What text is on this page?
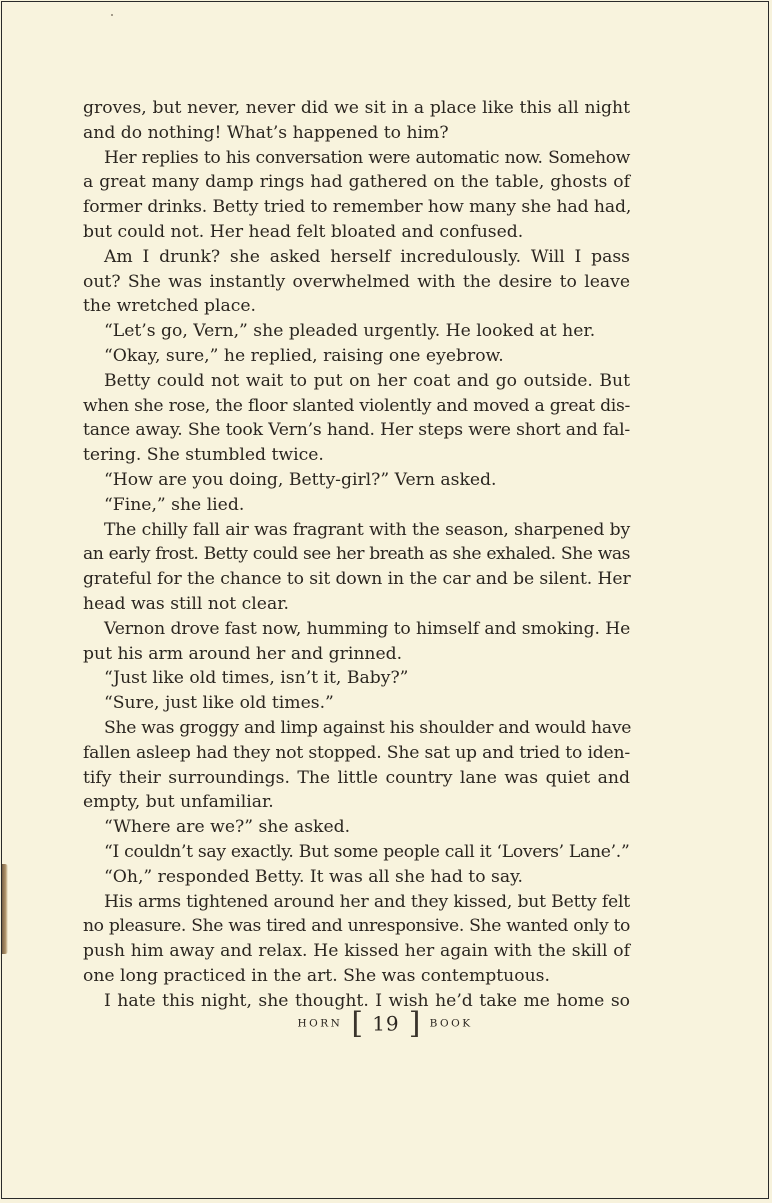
groves, but never, never did we sit in a place like this all night
and do nothing! What’s happened to him?
Her replies to his conversation were automatic now. Somehow
a great many damp rings had gathered on the table, ghosts of
former drinks. Betty tried to remember how many she had had,
but could not. Her head felt bloated and confused.
Am I drunk? she asked herself incredulously. Will I pass
out? She was instantly overwhelmed with the desire to leave
the wretched place.
“Let’s go, Vern,” she pleaded urgently. He looked at her.
“Okay, sure,” he replied, raising one eyebrow.
Betty could not wait to put on her coat and go outside. But
when she rose, the floor slanted violently and moved a great dis-
tance away. She took Vern’s hand. Her steps were short and fal-
tering. She stumbled twice.
“How are you doing, Betty-girl?” Vern asked.
“Fine,” she lied.
The chilly fall air was fragrant with the season, sharpened by
an early frost. Betty could see her breath as she exhaled. She was
grateful for the chance to sit down in the car and be silent. Her
head was still not clear.
Vernon drove fast now, humming to himself and smoking. He
put his arm around her and grinned.
“Just like old times, isn’t it, Baby?”
“Sure, just like old times.”
She was groggy and limp against his shoulder and would have
fallen asleep had they not stopped. She sat up and tried to iden-
tify their surroundings. The little country lane was quiet and
empty, but unfamiliar.
“Where are we?” she asked.
“I couldn’t say exactly. But some people call it ‘Lovers’ Lane’.”
“Oh,” responded Betty. It was all she had to say.
His arms tightened around her and they kissed, but Betty felt
no pleasure. She was tired and unresponsive. She wanted only to
push him away and relax. He kissed her again with the skill of
one long practiced in the art. She was contemptuous.
I hate this night, she thought. I wish he’d take me home so
HORN [ 19 ] BOOK
